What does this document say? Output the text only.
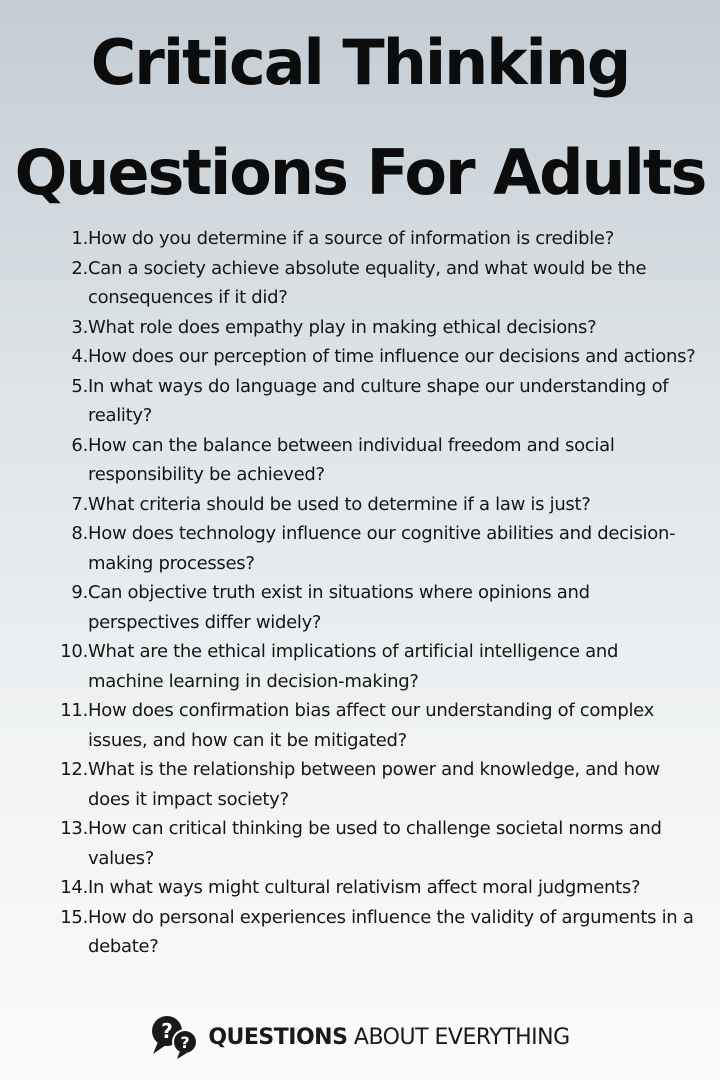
Critical Thinking
Questions For Adults
1. How do you determine if a source of information is credible?
2. Can a society achieve absolute equality, and what would be the consequences if it did?
3. What role does empathy play in making ethical decisions?
4. How does our perception of time influence our decisions and actions?
5. In what ways do language and culture shape our understanding of reality?
6. How can the balance between individual freedom and social responsibility be achieved?
7. What criteria should be used to determine if a law is just?
8. How does technology influence our cognitive abilities and decision-making processes?
9. Can objective truth exist in situations where opinions and perspectives differ widely?
10. What are the ethical implications of artificial intelligence and machine learning in decision-making?
11. How does confirmation bias affect our understanding of complex issues, and how can it be mitigated?
12. What is the relationship between power and knowledge, and how does it impact society?
13. How can critical thinking be used to challenge societal norms and values?
14. In what ways might cultural relativism affect moral judgments?
15. How do personal experiences influence the validity of arguments in a debate?
? ? QUESTIONS ABOUT EVERYTHING
